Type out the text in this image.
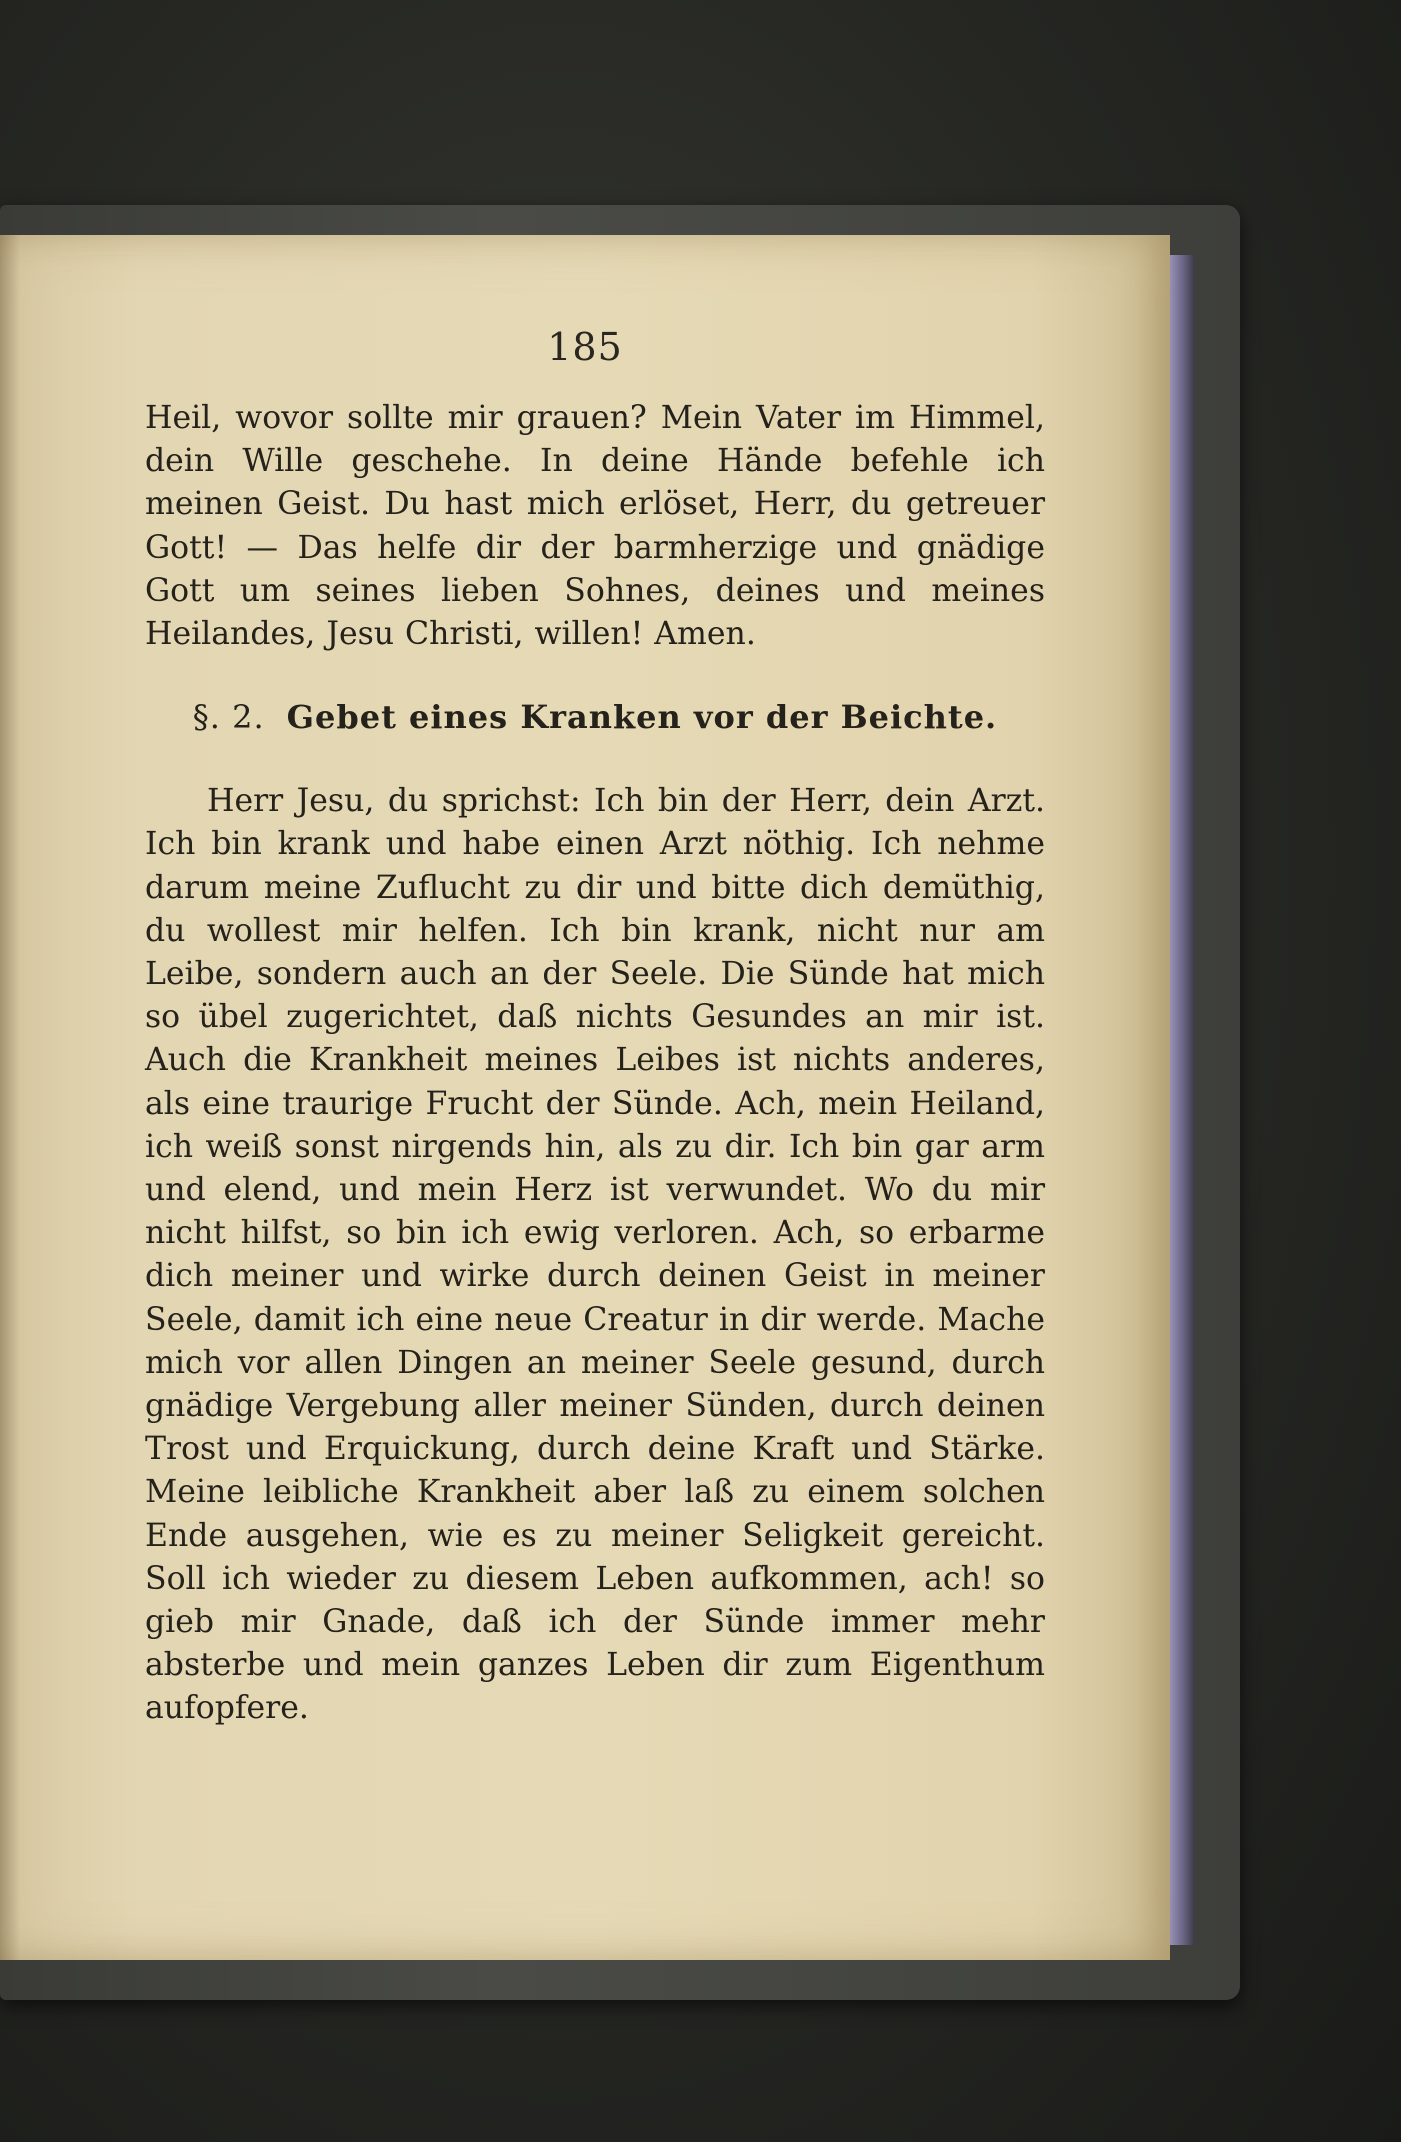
185

Heil, wovor sollte mir grauen? Mein Vater im Himmel, dein Wille geschehe. In deine Hände befehle ich meinen Geist. Du hast mich erlöset, Herr, du getreuer Gott! — Das helfe dir der barmherzige und gnädige Gott um seines lieben Sohnes, deines und meines Heilandes, Jesu Christi, willen! Amen.

§. 2. Gebet eines Kranken vor der Beichte.

Herr Jesu, du sprichst: Ich bin der Herr, dein Arzt. Ich bin krank und habe einen Arzt nöthig. Ich nehme darum meine Zuflucht zu dir und bitte dich demüthig, du wollest mir helfen. Ich bin krank, nicht nur am Leibe, sondern auch an der Seele. Die Sünde hat mich so übel zugerichtet, daß nichts Gesundes an mir ist. Auch die Krankheit meines Leibes ist nichts anderes, als eine traurige Frucht der Sünde. Ach, mein Heiland, ich weiß sonst nirgends hin, als zu dir. Ich bin gar arm und elend, und mein Herz ist verwundet. Wo du mir nicht hilfst, so bin ich ewig verloren. Ach, so erbarme dich meiner und wirke durch deinen Geist in meiner Seele, damit ich eine neue Creatur in dir werde. Mache mich vor allen Dingen an meiner Seele gesund, durch gnädige Vergebung aller meiner Sünden, durch deinen Trost und Erquickung, durch deine Kraft und Stärke. Meine leibliche Krankheit aber laß zu einem solchen Ende ausgehen, wie es zu meiner Seligkeit gereicht. Soll ich wieder zu diesem Leben aufkommen, ach! so gieb mir Gnade, daß ich der Sünde immer mehr absterbe und mein ganzes Leben dir zum Eigenthum aufopfere.
